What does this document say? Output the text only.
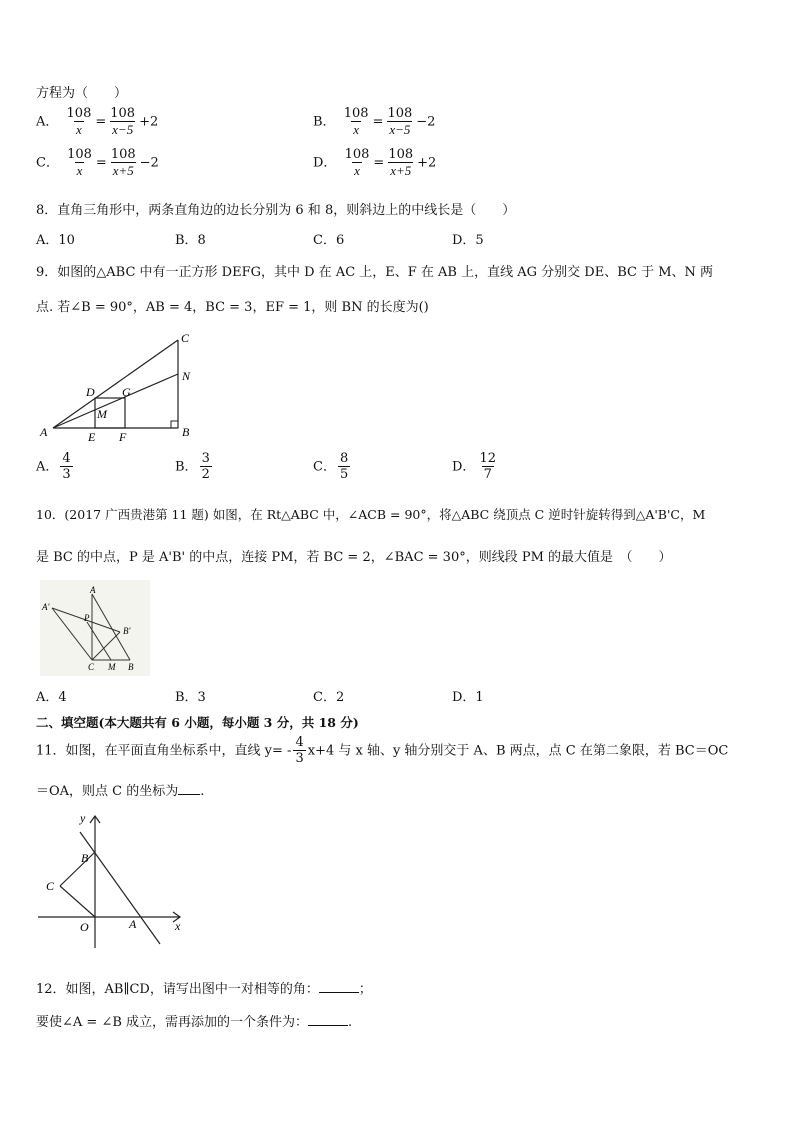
方程为（　　）
A． $\frac{108}{x} = \frac{108}{x-5} +2$	B． $\frac{108}{x} = \frac{108}{x-5} -2$
C． $\frac{108}{x} = \frac{108}{x+5} -2$	D． $\frac{108}{x} = \frac{108}{x+5} +2$
8．直角三角形中，两条直角边的边长分别为 6 和 8，则斜边上的中线长是（　　）
A．10	B．8	C．6	D．5
9．如图的△ABC 中有一正方形 DEFG，其中 D 在 AC 上，E、F 在 AB 上，直线 AG 分别交 DE、BC 于 M、N 两
点. 若∠B = 90°，AB = 4，BC = 3，EF = 1，则 BN 的长度为()
A	B
C
D
E F
G
M
N
A． $\frac{4}{3}$	B． $\frac{3}{2}$	C． $\frac{8}{5}$	D． $\frac{12}{7}$
10．(2017 广西贵港第 11 题) 如图，在 Rt△ABC 中，∠ACB = 90°，将△ABC 绕顶点 C 逆时针旋转得到△A'B'C，M
是 BC 的中点，P 是 A'B' 的中点，连接 PM，若 BC = 2，∠BAC = 30°，则线段 PM 的最大值是　（　　）
A'
A
P
B'
C M B
A．4	B．3	C．2	D．1
二、填空题(本大题共有 6 小题，每小题 3 分，共 18 分)
11．如图，在平面直角坐标系中，直线 $y= - \frac{4}{3} x+4$ 与 x 轴、y 轴分别交于 A、B 两点，点 C 在第二象限，若 BC＝OC
＝OA，则点 C 的坐标为 .
y
x
B
C
O	A
12．如图，AB∥CD，请写出图中一对相等的角：	；
要使∠A = ∠B 成立，需再添加的一个条件为：	.
